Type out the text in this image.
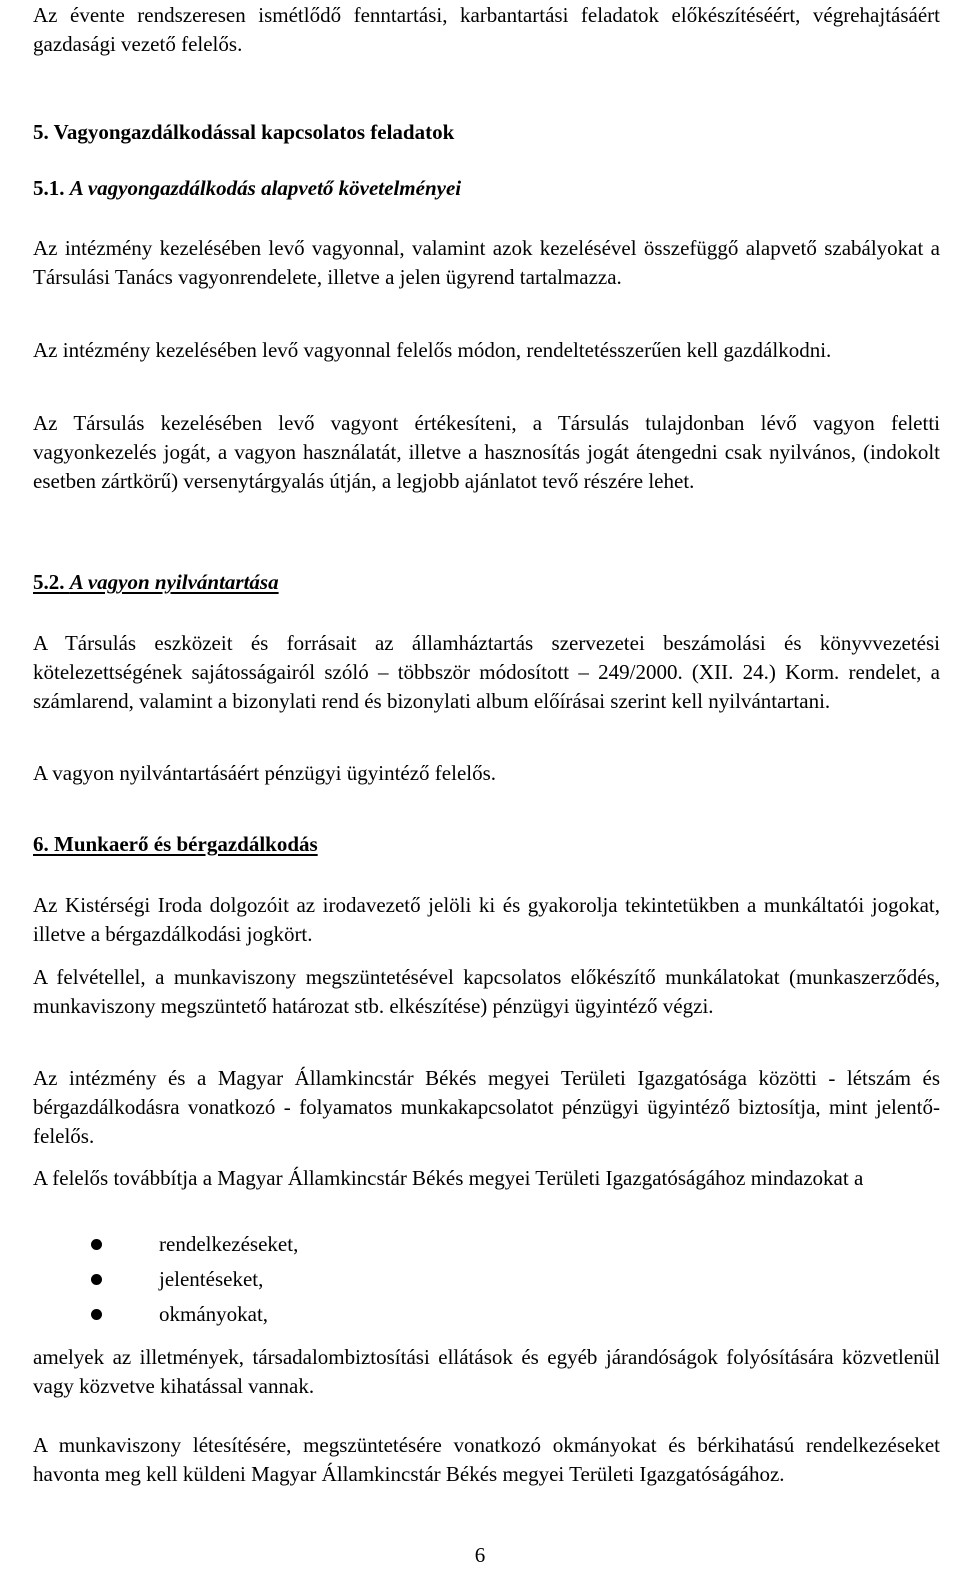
Az évente rendszeresen ismétlődő fenntartási, karbantartási feladatok előkészítéséért, végrehajtásáért gazdasági vezető felelős.

5. Vagyongazdálkodással kapcsolatos feladatok

5.1. A vagyongazdálkodás alapvető követelményei

Az intézmény kezelésében levő vagyonnal, valamint azok kezelésével összefüggő alapvető szabályokat a Társulási Tanács vagyonrendelete, illetve a jelen ügyrend tartalmazza.

Az intézmény kezelésében levő vagyonnal felelős módon, rendeltetésszerűen kell gazdálkodni.

Az Társulás kezelésében levő vagyont értékesíteni, a Társulás tulajdonban lévő vagyon feletti vagyonkezelés jogát, a vagyon használatát, illetve a hasznosítás jogát átengedni csak nyilvános, (indokolt esetben zártkörű) versenytárgyalás útján, a legjobb ajánlatot tevő részére lehet.

5.2. A vagyon nyilvántartása

A Társulás eszközeit és forrásait az államháztartás szervezetei beszámolási és könyvvezetési kötelezettségének sajátosságairól szóló – többször módosított – 249/2000. (XII. 24.) Korm. rendelet, a számlarend, valamint a bizonylati rend és bizonylati album előírásai szerint kell nyilvántartani.

A vagyon nyilvántartásáért pénzügyi ügyintéző felelős.

6. Munkaerő és bérgazdálkodás

Az Kistérségi Iroda dolgozóit az irodavezető jelöli ki és gyakorolja tekintetükben a munkáltatói jogokat, illetve a bérgazdálkodási jogkört.

A felvétellel, a munkaviszony megszüntetésével kapcsolatos előkészítő munkálatokat (munkaszerződés, munkaviszony megszüntető határozat stb. elkészítése) pénzügyi ügyintéző végzi.

Az intézmény és a Magyar Államkincstár Békés megyei Területi Igazgatósága közötti - létszám és bérgazdálkodásra vonatkozó - folyamatos munkakapcsolatot pénzügyi ügyintéző biztosítja, mint jelentő-felelős.

A felelős továbbítja a Magyar Államkincstár Békés megyei Területi Igazgatóságához mindazokat a

rendelkezéseket,
jelentéseket,
okmányokat,

amelyek az illetmények, társadalombiztosítási ellátások és egyéb járandóságok folyósítására közvetlenül vagy közvetve kihatással vannak.

A munkaviszony létesítésére, megszüntetésére vonatkozó okmányokat és bérkihatású rendelkezéseket havonta meg kell küldeni Magyar Államkincstár Békés megyei Területi Igazgatóságához.

6
